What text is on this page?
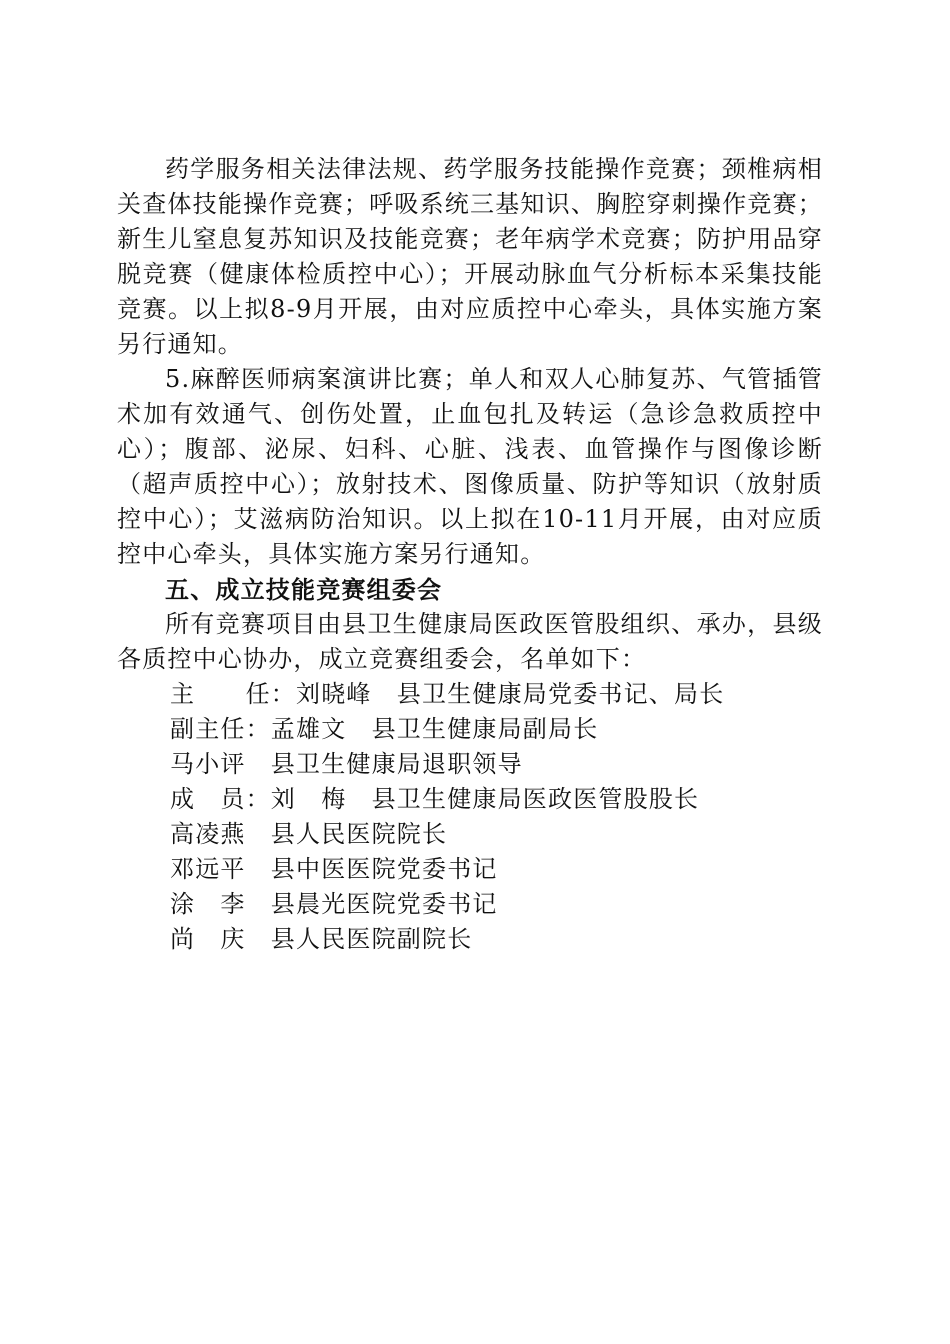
药学服务相关法律法规、药学服务技能操作竞赛；颈椎病相关查体技能操作竞赛；呼吸系统三基知识、胸腔穿刺操作竞赛；新生儿窒息复苏知识及技能竞赛；老年病学术竞赛；防护用品穿脱竞赛（健康体检质控中心）；开展动脉血气分析标本采集技能竞赛。以上拟8-9月开展，由对应质控中心牵头，具体实施方案另行通知。

5.麻醉医师病案演讲比赛；单人和双人心肺复苏、气管插管术加有效通气、创伤处置，止血包扎及转运（急诊急救质控中心）；腹部、泌尿、妇科、心脏、浅表、血管操作与图像诊断（超声质控中心）；放射技术、图像质量、防护等知识（放射质控中心）；艾滋病防治知识。以上拟在10-11月开展，由对应质控中心牵头，具体实施方案另行通知。

五、成立技能竞赛组委会

所有竞赛项目由县卫生健康局医政医管股组织、承办，县级各质控中心协办，成立竞赛组委会，名单如下：

主　　任：刘晓峰　县卫生健康局党委书记、局长

副主任：孟雄文　县卫生健康局副局长

马小评　县卫生健康局退职领导

成　员：刘　梅　县卫生健康局医政医管股股长

高凌燕　县人民医院院长

邓远平　县中医医院党委书记

涂　李　县晨光医院党委书记

尚　庆　县人民医院副院长
